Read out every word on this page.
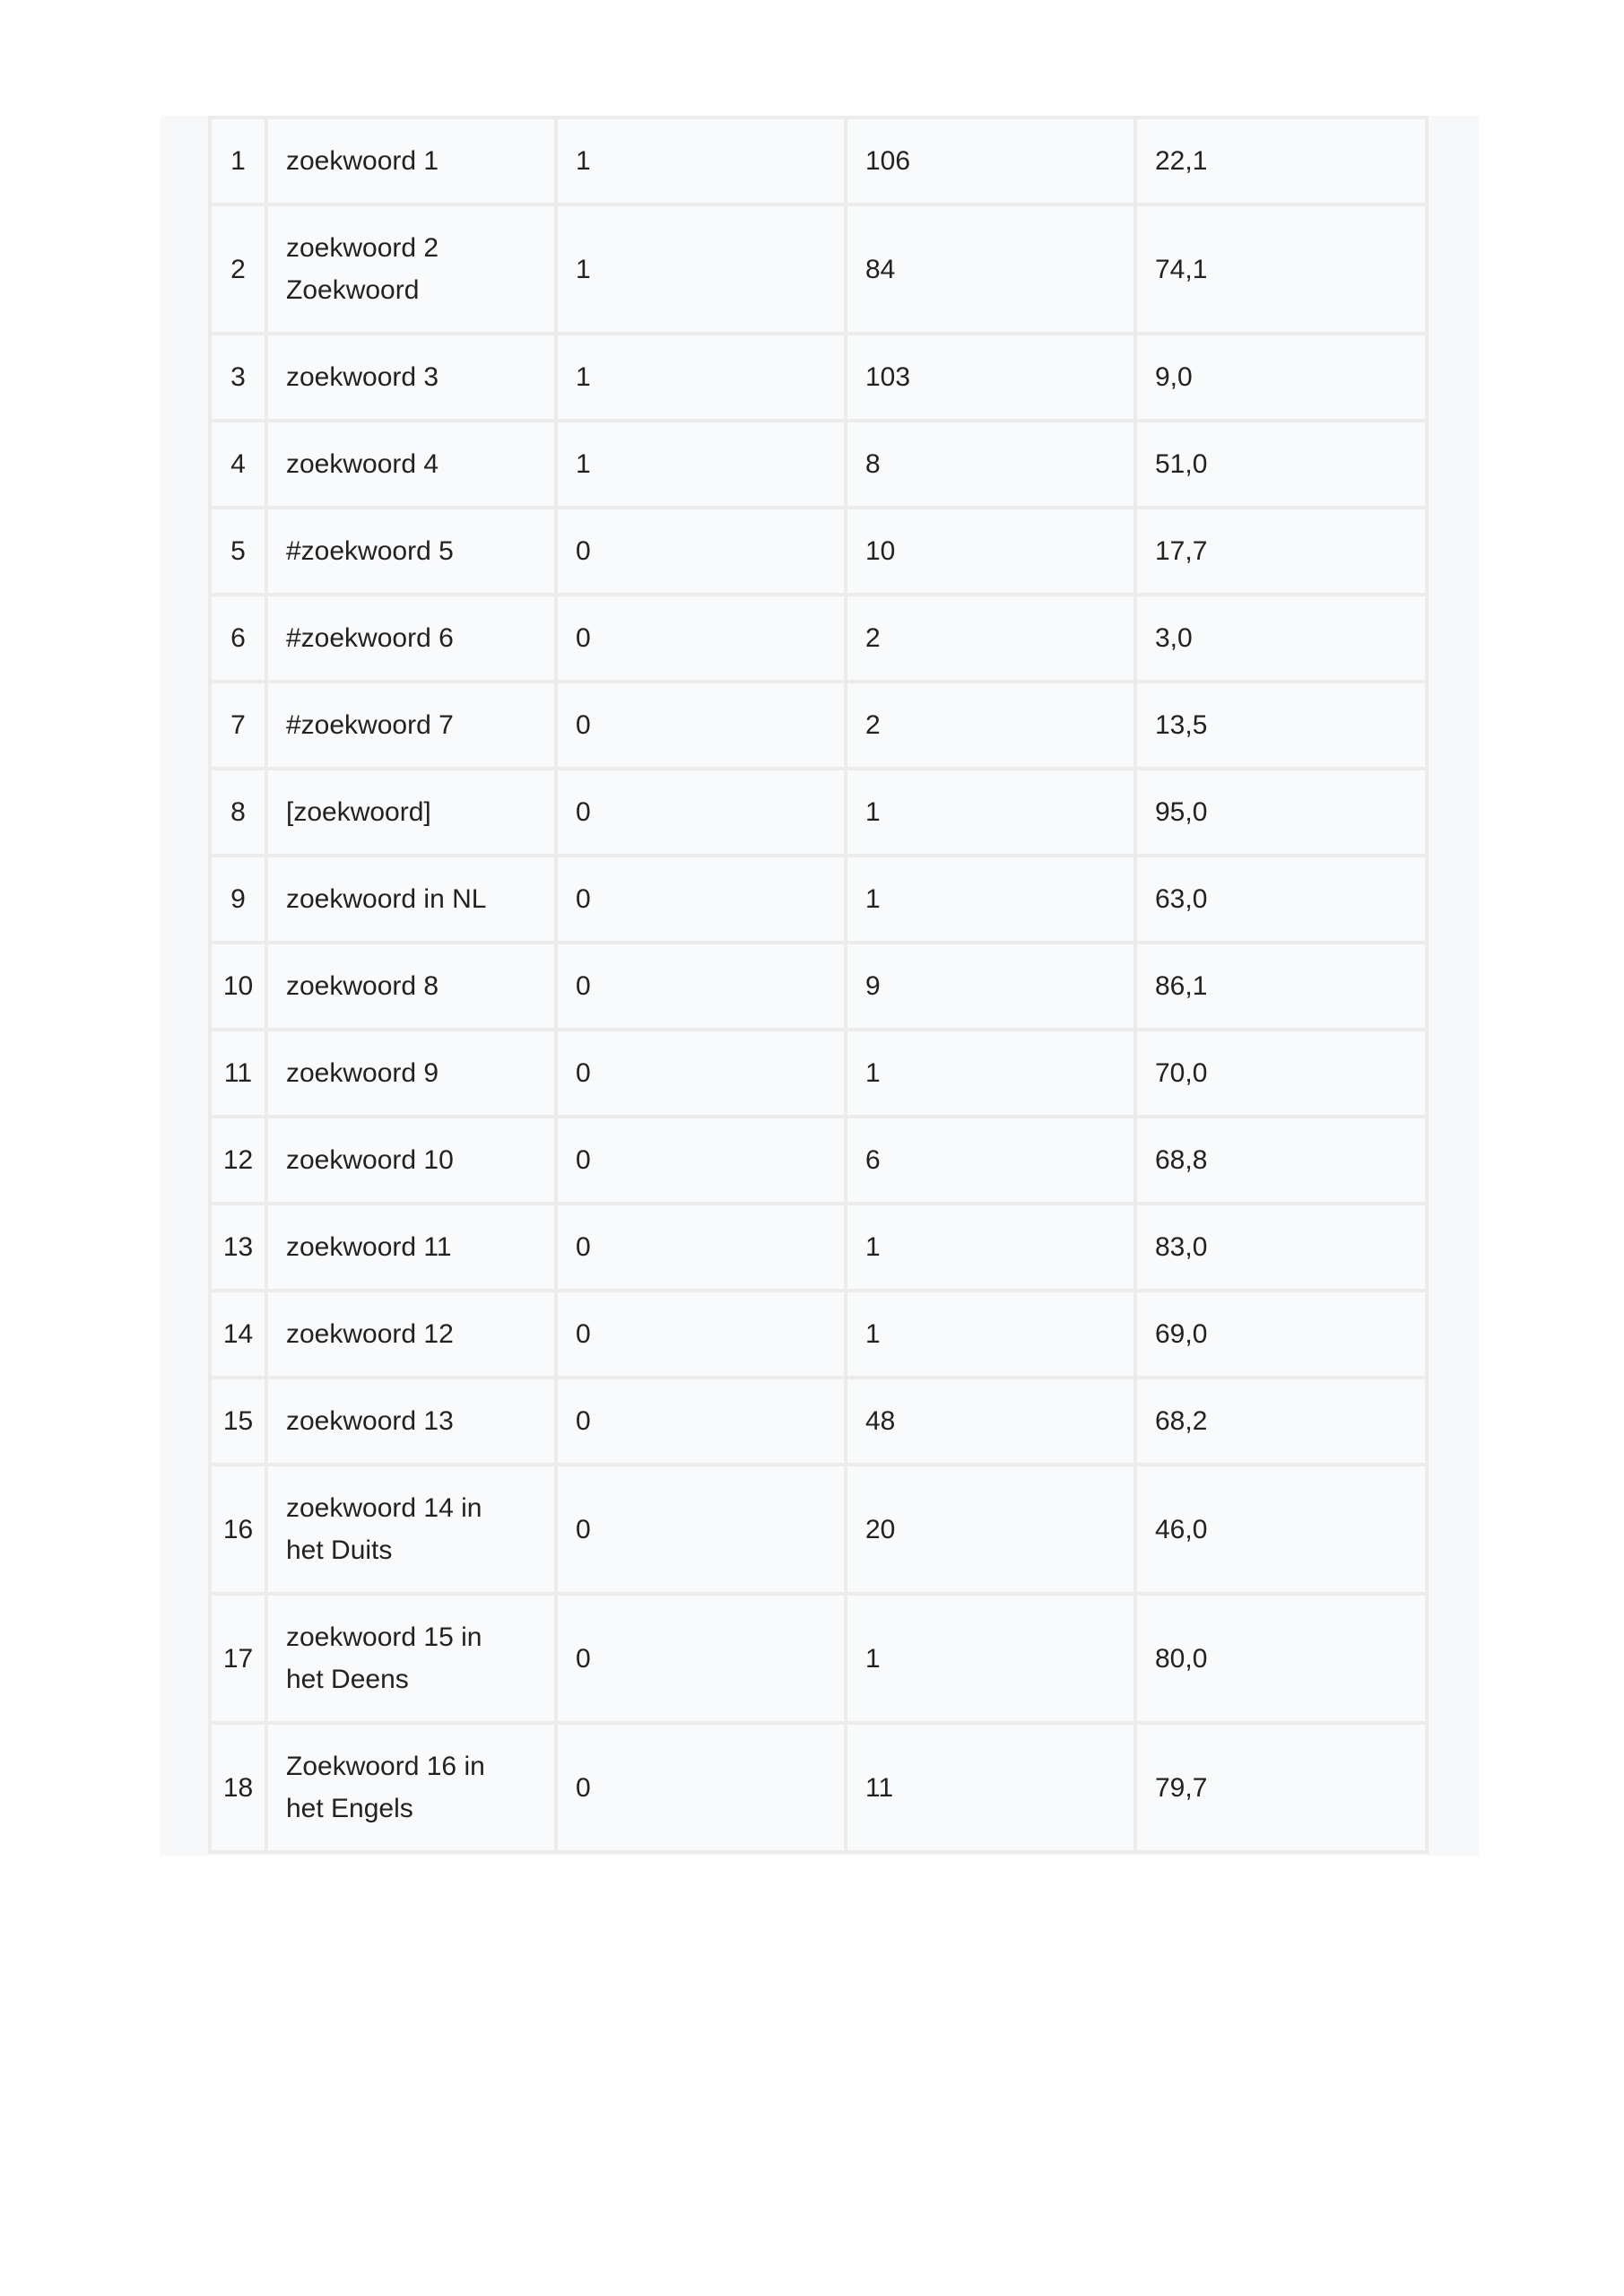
1	zoekwoord 1	1	106	22,1
2	zoekwoord 2
Zoekwoord	1	84	74,1
3	zoekwoord 3	1	103	9,0
4	zoekwoord 4	1	8	51,0
5	#zoekwoord 5	0	10	17,7
6	#zoekwoord 6	0	2	3,0
7	#zoekwoord 7	0	2	13,5
8	[zoekwoord]	0	1	95,0
9	zoekwoord in NL	0	1	63,0
10	zoekwoord 8	0	9	86,1
11	zoekwoord 9	0	1	70,0
12	zoekwoord 10	0	6	68,8
13	zoekwoord 11	0	1	83,0
14	zoekwoord 12	0	1	69,0
15	zoekwoord 13	0	48	68,2
16	zoekwoord 14 in
het Duits	0	20	46,0
17	zoekwoord 15 in
het Deens	0	1	80,0
18	Zoekwoord 16 in
het Engels	0	11	79,7
